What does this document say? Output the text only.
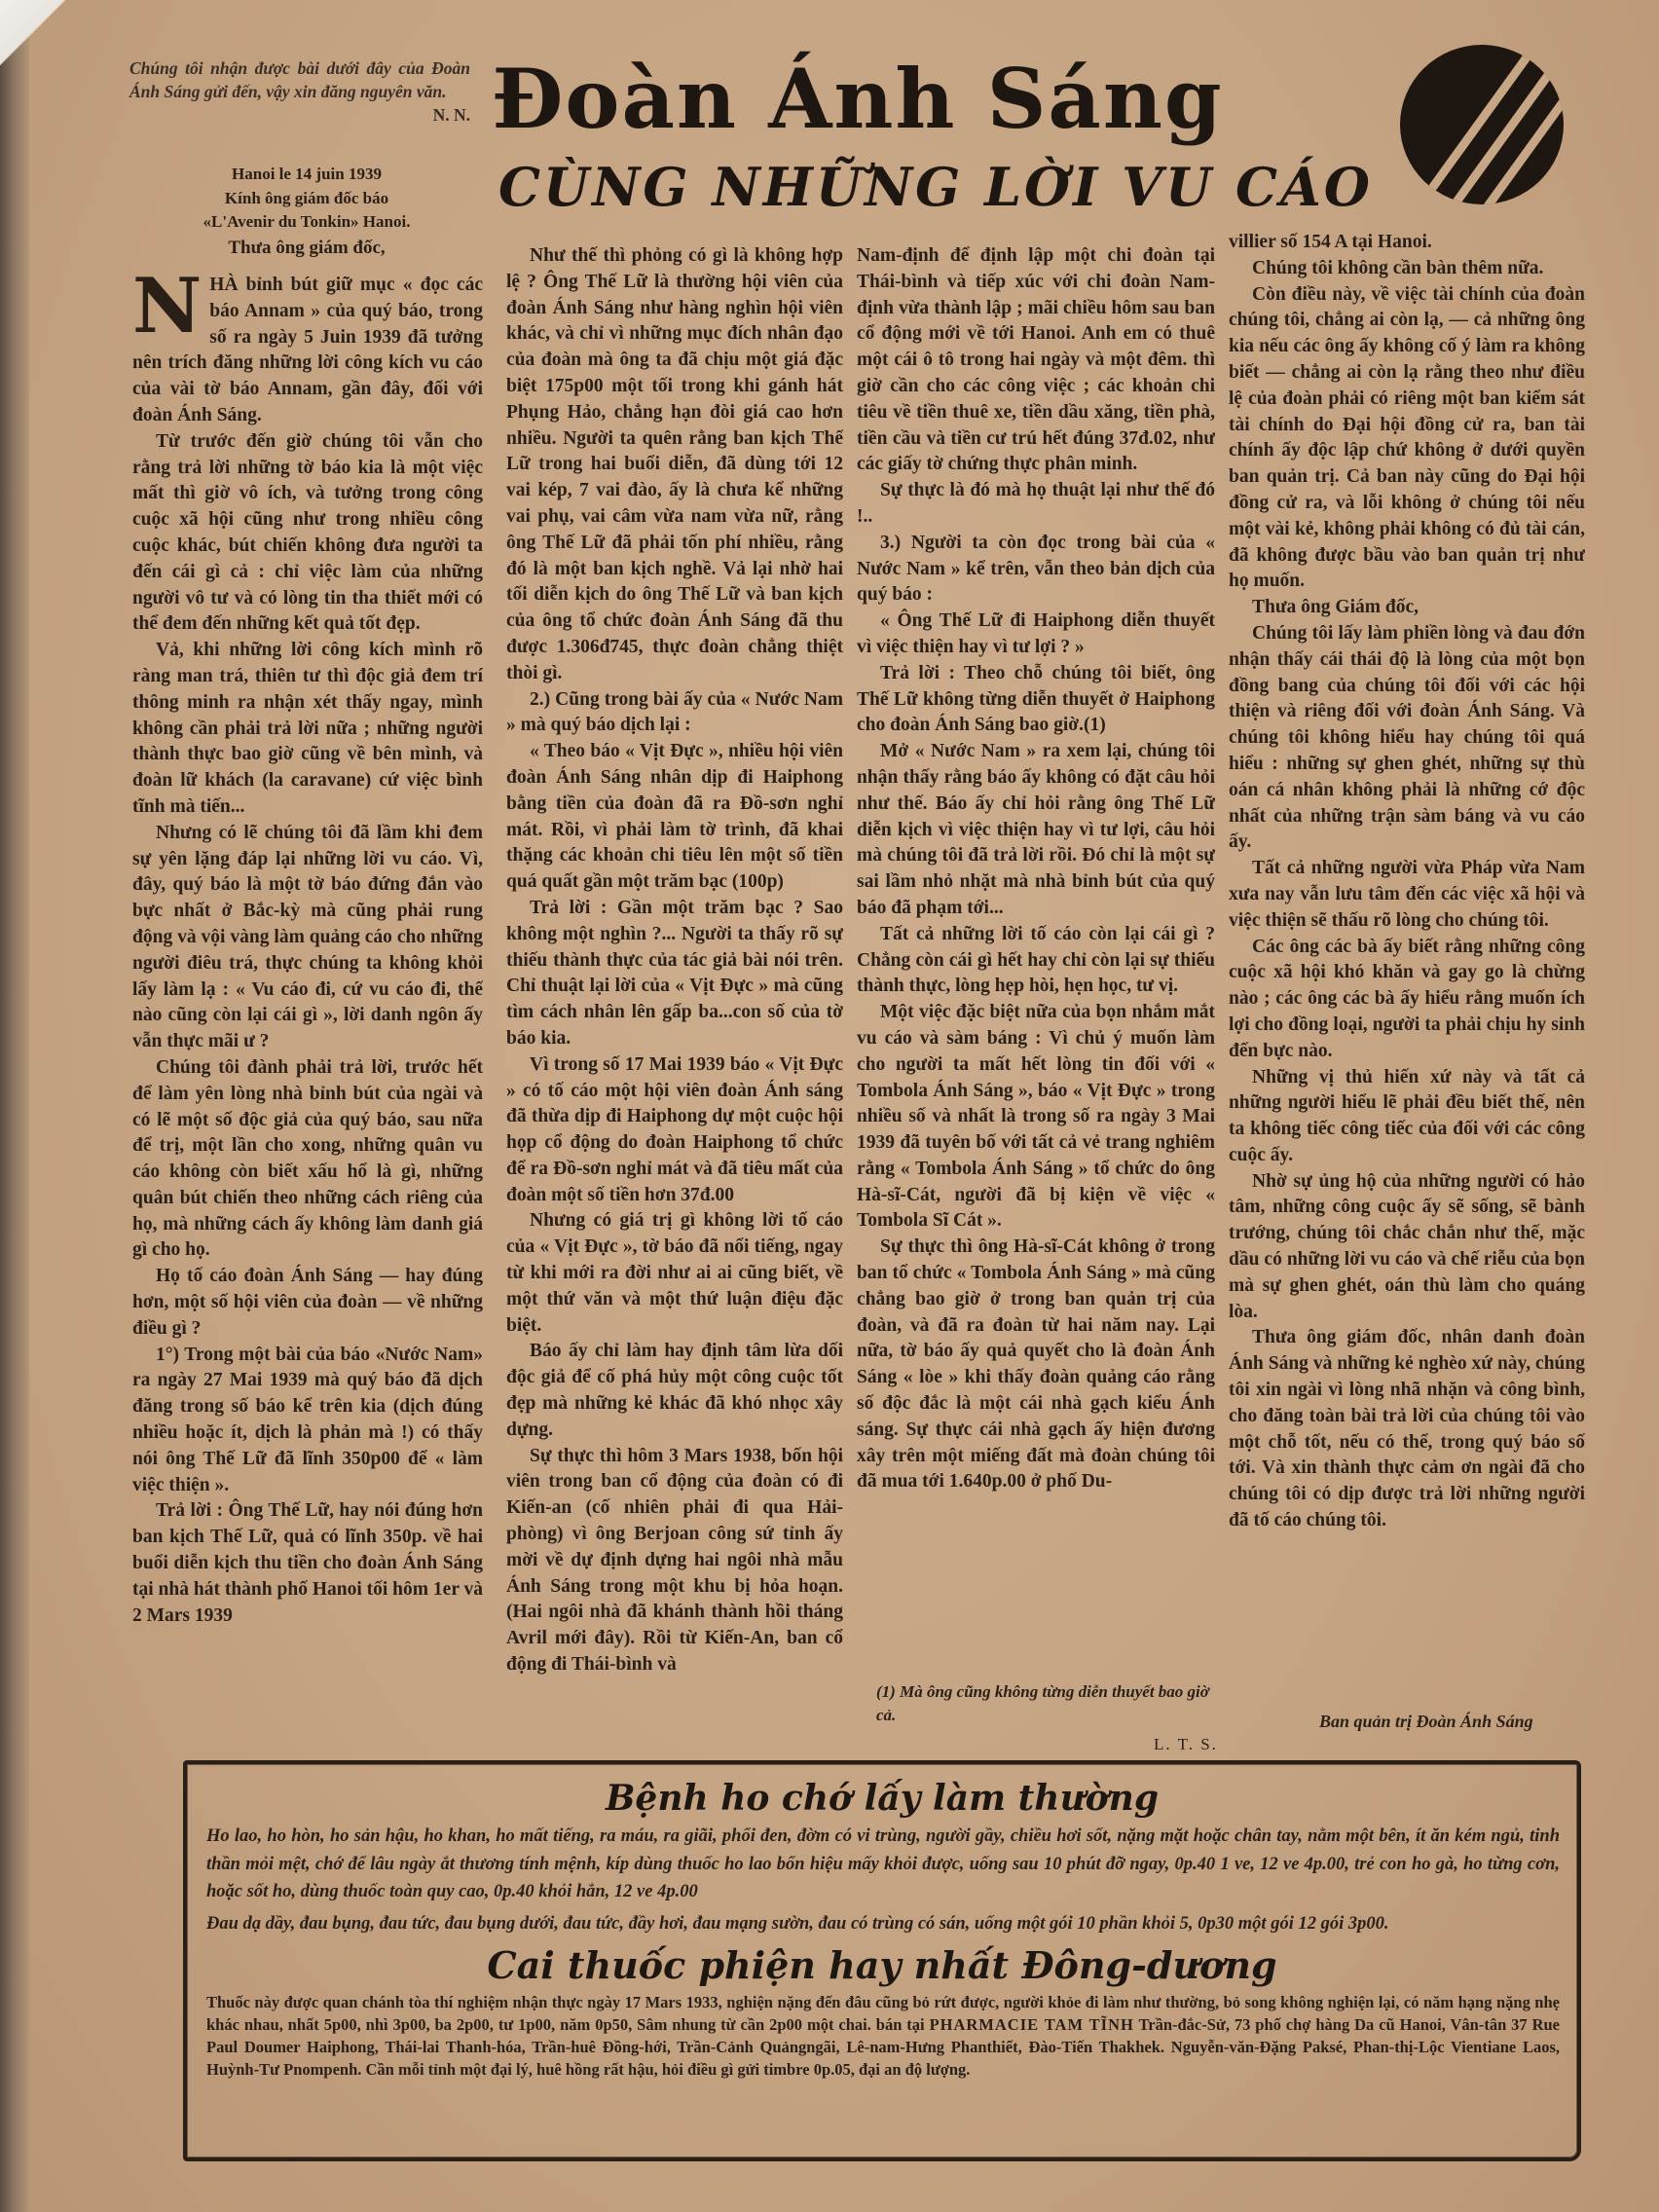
Chúng tôi nhận được bài dưới đây của Đoàn Ánh Sáng gửi đến, vậy xin đăng nguyên văn.
N. N.
Hanoi le 14 juin 1939
Kính ông giám đốc báo
«L'Avenir du Tonkin» Hanoi.
Thưa ông giám đốc,
Đoàn Ánh Sáng
CÙNG NHỮNG LỜI VU CÁO

NHÀ bỉnh bút giữ mục « đọc các báo Annam » của quý báo, trong số ra ngày 5 Juin 1939 đã tưởng nên trích đăng những lời công kích vu cáo của vài tờ báo Annam, gần đây, đối với đoàn Ánh Sáng.

Từ trước đến giờ chúng tôi vẫn cho rằng trả lời những tờ báo kia là một việc mất thì giờ vô ích, và tưởng trong công cuộc xã hội cũng như trong nhiều công cuộc khác, bút chiến không đưa người ta đến cái gì cả : chỉ việc làm của những người vô tư và có lòng tin tha thiết mới có thể đem đến những kết quả tốt đẹp.

Vả, khi những lời công kích mình rõ ràng man trá, thiên tư thì độc giả đem trí thông minh ra nhận xét thấy ngay, mình không cần phải trả lời nữa ; những người thành thực bao giờ cũng về bên mình, và đoàn lữ khách (la caravane) cứ việc bình tĩnh mà tiến...

Nhưng có lẽ chúng tôi đã lầm khi đem sự yên lặng đáp lại những lời vu cáo. Vì, đây, quý báo là một tờ báo đứng đắn vào bực nhất ở Bắc-kỳ mà cũng phải rung động và vội vàng làm quảng cáo cho những người điêu trá, thực chúng ta không khỏi lấy làm lạ : « Vu cáo đi, cứ vu cáo đi, thế nào cũng còn lại cái gì », lời danh ngôn ấy vẫn thực mãi ư ?

Chúng tôi đành phải trả lời, trước hết để làm yên lòng nhà bỉnh bút của ngài và có lẽ một số độc giả của quý báo, sau nữa để trị, một lần cho xong, những quân vu cáo không còn biết xấu hổ là gì, những quân bút chiến theo những cách riêng của họ, mà những cách ấy không làm danh giá gì cho họ.

Họ tố cáo đoàn Ánh Sáng — hay đúng hơn, một số hội viên của đoàn — về những điều gì ?

1°) Trong một bài của báo «Nước Nam» ra ngày 27 Mai 1939 mà quý báo đã dịch đăng trong số báo kể trên kia (dịch đúng nhiều hoặc ít, dịch là phản mà !) có thấy nói ông Thế Lữ đã lĩnh 350p00 để « làm việc thiện ».

Trả lời : Ông Thế Lữ, hay nói đúng hơn ban kịch Thế Lữ, quả có lĩnh 350p. về hai buổi diễn kịch thu tiền cho đoàn Ánh Sáng tại nhà hát thành phố Hanoi tối hôm 1er và 2 Mars 1939

Như thế thì phỏng có gì là không hợp lệ ? Ông Thế Lữ là thường hội viên của đoàn Ánh Sáng như hàng nghìn hội viên khác, và chỉ vì những mục đích nhân đạo của đoàn mà ông ta đã chịu một giá đặc biệt 175p00 một tối trong khi gánh hát Phụng Hảo, chẳng hạn đòi giá cao hơn nhiều. Người ta quên rằng ban kịch Thế Lữ trong hai buổi diễn, đã dùng tới 12 vai kép, 7 vai đào, ấy là chưa kể những vai phụ, vai câm vừa nam vừa nữ, rằng ông Thế Lữ đã phải tốn phí nhiều, rằng đó là một ban kịch nghề. Vả lại nhờ hai tối diễn kịch do ông Thế Lữ và ban kịch của ông tổ chức đoàn Ánh Sáng đã thu được 1.306đ745, thực đoàn chẳng thiệt thòi gì.

2.) Cũng trong bài ấy của « Nước Nam » mà quý báo dịch lại :

« Theo báo « Vịt Đực », nhiều hội viên đoàn Ánh Sáng nhân dịp đi Haiphong bằng tiền của đoàn đã ra Đồ-sơn nghỉ mát. Rồi, vì phải làm tờ trình, đã khai thặng các khoản chi tiêu lên một số tiền quá quất gần một trăm bạc (100p)

Trả lời : Gần một trăm bạc ? Sao không một nghìn ?... Người ta thấy rõ sự thiếu thành thực của tác giả bài nói trên. Chỉ thuật lại lời của « Vịt Đực » mà cũng tìm cách nhân lên gấp ba...con số của tờ báo kia.

Vì trong số 17 Mai 1939 báo « Vịt Đực » có tố cáo một hội viên đoàn Ánh sáng đã thừa dịp đi Haiphong dự một cuộc hội họp cổ động do đoàn Haiphong tổ chức để ra Đồ-sơn nghỉ mát và đã tiêu mất của đoàn một số tiền hơn 37đ.00

Nhưng có giá trị gì không lời tố cáo của « Vịt Đực », tờ báo đã nổi tiếng, ngay từ khi mới ra đời như ai ai cũng biết, về một thứ văn và một thứ luận điệu đặc biệt.

Báo ấy chỉ làm hay định tâm lừa dối độc giả để cố phá hủy một công cuộc tốt đẹp mà những kẻ khác đã khó nhọc xây dựng.

Sự thực thì hôm 3 Mars 1938, bốn hội viên trong ban cổ động của đoàn có đi Kiến-an (cố nhiên phải đi qua Hải-phòng) vì ông Berjoan công sứ tỉnh ấy mời về dự định dựng hai ngôi nhà mẫu Ánh Sáng trong một khu bị hỏa hoạn. (Hai ngôi nhà đã khánh thành hồi tháng Avril mới đây). Rồi từ Kiến-An, ban cổ động đi Thái-bình và

Nam-định để định lập một chi đoàn tại Thái-bình và tiếp xúc với chi đoàn Nam-định vừa thành lập ; mãi chiều hôm sau ban cổ động mới về tới Hanoi. Anh em có thuê một cái ô tô trong hai ngày và một đêm. thì giờ cần cho các công việc ; các khoản chi tiêu về tiền thuê xe, tiền dầu xăng, tiền phà, tiền cầu và tiền cư trú hết đúng 37đ.02, như các giấy tờ chứng thực phân minh.

Sự thực là đó mà họ thuật lại như thế đó !..

3.) Người ta còn đọc trong bài của « Nước Nam » kể trên, vẫn theo bản dịch của quý báo :

« Ông Thế Lữ đi Haiphong diễn thuyết vì việc thiện hay vì tư lợi ? »

Trả lời : Theo chỗ chúng tôi biết, ông Thế Lữ không từng diễn thuyết ở Haiphong cho đoàn Ánh Sáng bao giờ.(1)

Mở « Nước Nam » ra xem lại, chúng tôi nhận thấy rằng báo ấy không có đặt câu hỏi như thế. Báo ấy chỉ hỏi rằng ông Thế Lữ diễn kịch vì việc thiện hay vì tư lợi, câu hỏi mà chúng tôi đã trả lời rồi. Đó chỉ là một sự sai lầm nhỏ nhặt mà nhà bỉnh bút của quý báo đã phạm tới...

Tất cả những lời tố cáo còn lại cái gì ? Chẳng còn cái gì hết hay chỉ còn lại sự thiếu thành thực, lòng hẹp hòi, hẹn học, tư vị.

Một việc đặc biệt nữa của bọn nhắm mắt vu cáo và sàm báng : Vì chủ ý muốn làm cho người ta mất hết lòng tin đối với « Tombola Ánh Sáng », báo « Vịt Đực » trong nhiều số và nhất là trong số ra ngày 3 Mai 1939 đã tuyên bố với tất cả vẻ trang nghiêm rằng « Tombola Ánh Sáng » tổ chức do ông Hà-sĩ-Cát, người đã bị kiện về việc « Tombola Sĩ Cát ».

Sự thực thì ông Hà-sĩ-Cát không ở trong ban tổ chức « Tombola Ánh Sáng » mà cũng chẳng bao giờ ở trong ban quản trị của đoàn, và đã ra đoàn từ hai năm nay. Lại nữa, tờ báo ấy quả quyết cho là đoàn Ánh Sáng « lòe » khi thấy đoàn quảng cáo rằng số độc đắc là một cái nhà gạch kiểu Ánh sáng. Sự thực cái nhà gạch ấy hiện đương xây trên một miếng đất mà đoàn chúng tôi đã mua tới 1.640p.00 ở phố Du-

(1) Mà ông cũng không từng diễn thuyết bao giờ cả.
L. T. S.

villier số 154 A tại Hanoi.

Chúng tôi không cần bàn thêm nữa.

Còn điều này, về việc tài chính của đoàn chúng tôi, chẳng ai còn lạ, — cả những ông kia nếu các ông ấy không cố ý làm ra không biết — chẳng ai còn lạ rằng theo như điều lệ của đoàn phải có riêng một ban kiểm sát tài chính do Đại hội đồng cử ra, ban tài chính ấy độc lập chứ không ở dưới quyền ban quản trị. Cả ban này cũng do Đại hội đồng cử ra, và lỗi không ở chúng tôi nếu một vài kẻ, không phải không có đủ tài cán, đã không được bầu vào ban quản trị như họ muốn.

Thưa ông Giám đốc,

Chúng tôi lấy làm phiền lòng và đau đớn nhận thấy cái thái độ là lòng của một bọn đồng bang của chúng tôi đối với các hội thiện và riêng đối với đoàn Ánh Sáng. Và chúng tôi không hiểu hay chúng tôi quá hiểu : những sự ghen ghét, những sự thù oán cá nhân không phải là những cớ độc nhất của những trận sàm báng và vu cáo ấy.

Tất cả những người vừa Pháp vừa Nam xưa nay vẫn lưu tâm đến các việc xã hội và việc thiện sẽ thấu rõ lòng cho chúng tôi.

Các ông các bà ấy biết rằng những công cuộc xã hội khó khăn và gay go là chừng nào ; các ông các bà ấy hiểu rằng muốn ích lợi cho đồng loại, người ta phải chịu hy sinh đến bực nào.

Những vị thủ hiến xứ này và tất cả những người hiểu lẽ phải đều biết thế, nên ta không tiếc công tiếc của đối với các công cuộc ấy.

Nhờ sự ủng hộ của những người có hảo tâm, những công cuộc ấy sẽ sống, sẽ bành trướng, chúng tôi chắc chắn như thế, mặc dầu có những lời vu cáo và chế riễu của bọn mà sự ghen ghét, oán thù làm cho quáng lòa.

Thưa ông giám đốc, nhân danh đoàn Ánh Sáng và những kẻ nghèo xứ này, chúng tôi xin ngài vì lòng nhã nhặn và công bình, cho đăng toàn bài trả lời của chúng tôi vào một chỗ tốt, nếu có thể, trong quý báo số tới. Và xin thành thực cảm ơn ngài đã cho chúng tôi có dịp được trả lời những người đã tố cáo chúng tôi.

Ban quản trị Đoàn Ánh Sáng
Bệnh ho chớ lấy làm thường
Ho lao, ho hòn, ho sản hậu, ho khan, ho mất tiếng, ra máu, ra giãi, phổi đen, đờm có vi trùng, người gầy, chiều hơi sốt, nặng mặt hoặc chân tay, nằm một bên, ít ăn kém ngủ, tinh thần mỏi mệt, chớ để lâu ngày ắt thương tính mệnh, kíp dùng thuốc ho lao bổn hiệu mấy khỏi được, uống sau 10 phút đỡ ngay, 0p.40 1 ve, 12 ve 4p.00, trẻ con ho gà, ho từng cơn, hoặc sốt ho, dùng thuốc toàn quy cao, 0p.40 khỏi hẳn, 12 ve 4p.00
Đau dạ dầy, đau bụng, đau tức, đau bụng dưới, đau tức, đầy hơi, đau mạng sườn, đau có trùng có sán, uống một gói 10 phần khỏi 5, 0p30 một gói 12 gói 3p00.
Cai thuốc phiện hay nhất Đông-dương
Thuốc này được quan chánh tòa thí nghiệm nhận thực ngày 17 Mars 1933, nghiện nặng đến đâu cũng bỏ rứt được, người khỏe đi làm như thường, bỏ song không nghiện lại, có năm hạng nặng nhẹ khác nhau, nhất 5p00, nhì 3p00, ba 2p00, tư 1p00, năm 0p50, Sâm nhung từ cần 2p00 một chai. bán tại PHARMACIE TAM TĨNH Trần-đắc-Sử, 73 phố chợ hàng Da cũ Hanoi, Vân-tân 37 Rue Paul Doumer Haiphong, Thái-lai Thanh-hóa, Trần-huê Đồng-hới, Trần-Cảnh Quảngngãi, Lê-nam-Hưng Phanthiết, Đào-Tiến Thakhek. Nguyễn-văn-Đặng Paksé, Phan-thị-Lộc Vientiane Laos, Huỳnh-Tư Pnompenh. Cần mỗi tỉnh một đại lý, huê hồng rất hậu, hỏi điều gì gửi timbre 0p.05, đại an độ lượng.
